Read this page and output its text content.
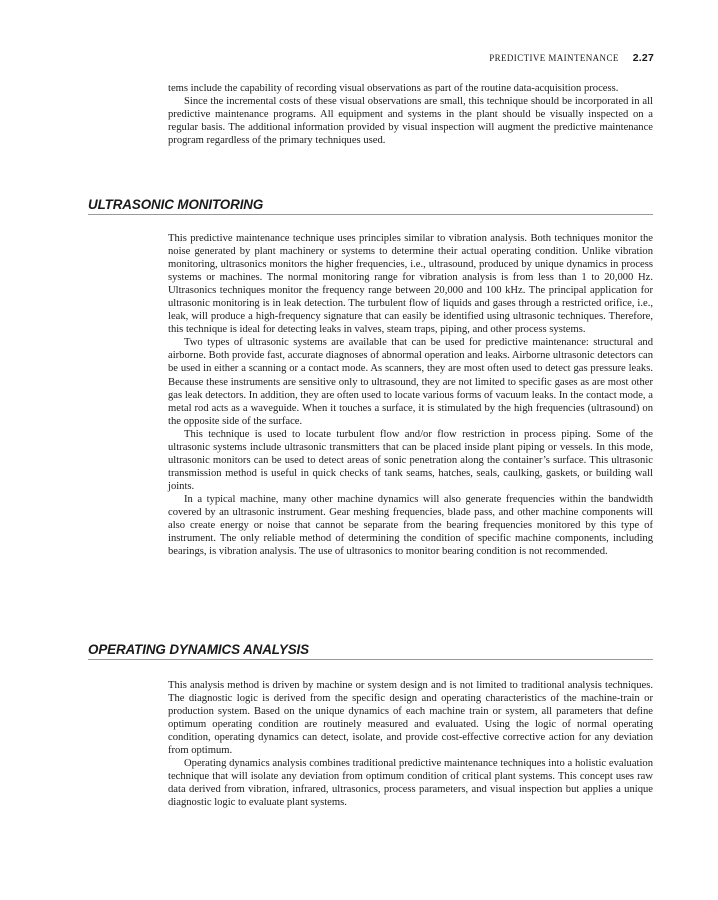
PREDICTIVE MAINTENANCE 2.27

tems include the capability of recording visual observations as part of the routine data-acquisition process.

Since the incremental costs of these visual observations are small, this technique should be incorporated in all predictive maintenance programs. All equipment and systems in the plant should be visually inspected on a regular basis. The additional information provided by visual inspection will augment the predictive maintenance program regardless of the primary techniques used.

ULTRASONIC MONITORING

This predictive maintenance technique uses principles similar to vibration analysis. Both techniques monitor the noise generated by plant machinery or systems to determine their actual operating condition. Unlike vibration monitoring, ultrasonics monitors the higher frequencies, i.e., ultrasound, produced by unique dynamics in process systems or machines. The normal monitoring range for vibration analysis is from less than 1 to 20,000 Hz. Ultrasonics techniques monitor the frequency range between 20,000 and 100 kHz. The principal application for ultrasonic monitoring is in leak detection. The turbulent flow of liquids and gases through a restricted orifice, i.e., leak, will produce a high-frequency signature that can easily be identified using ultrasonic techniques. Therefore, this technique is ideal for detecting leaks in valves, steam traps, piping, and other process systems.

Two types of ultrasonic systems are available that can be used for predictive maintenance: structural and airborne. Both provide fast, accurate diagnoses of abnormal operation and leaks. Airborne ultrasonic detectors can be used in either a scanning or a contact mode. As scanners, they are most often used to detect gas pressure leaks. Because these instruments are sensitive only to ultrasound, they are not limited to specific gases as are most other gas leak detectors. In addition, they are often used to locate various forms of vacuum leaks. In the contact mode, a metal rod acts as a waveguide. When it touches a surface, it is stimulated by the high frequencies (ultrasound) on the opposite side of the surface.

This technique is used to locate turbulent flow and/or flow restriction in process piping. Some of the ultrasonic systems include ultrasonic transmitters that can be placed inside plant piping or vessels. In this mode, ultrasonic monitors can be used to detect areas of sonic penetration along the container’s surface. This ultrasonic transmission method is useful in quick checks of tank seams, hatches, seals, caulking, gaskets, or building wall joints.

In a typical machine, many other machine dynamics will also generate frequencies within the bandwidth covered by an ultrasonic instrument. Gear meshing frequencies, blade pass, and other machine components will also create energy or noise that cannot be separate from the bearing frequencies monitored by this type of instrument. The only reliable method of determining the condition of specific machine components, including bearings, is vibration analysis. The use of ultrasonics to monitor bearing condition is not recommended.

OPERATING DYNAMICS ANALYSIS

This analysis method is driven by machine or system design and is not limited to traditional analysis techniques. The diagnostic logic is derived from the specific design and operating characteristics of the machine-train or production system. Based on the unique dynamics of each machine train or system, all parameters that define optimum operating condition are routinely measured and evaluated. Using the logic of normal operating condition, operating dynamics can detect, isolate, and provide cost-effective corrective action for any deviation from optimum.

Operating dynamics analysis combines traditional predictive maintenance techniques into a holistic evaluation technique that will isolate any deviation from optimum condition of critical plant systems. This concept uses raw data derived from vibration, infrared, ultrasonics, process parameters, and visual inspection but applies a unique diagnostic logic to evaluate plant systems.
